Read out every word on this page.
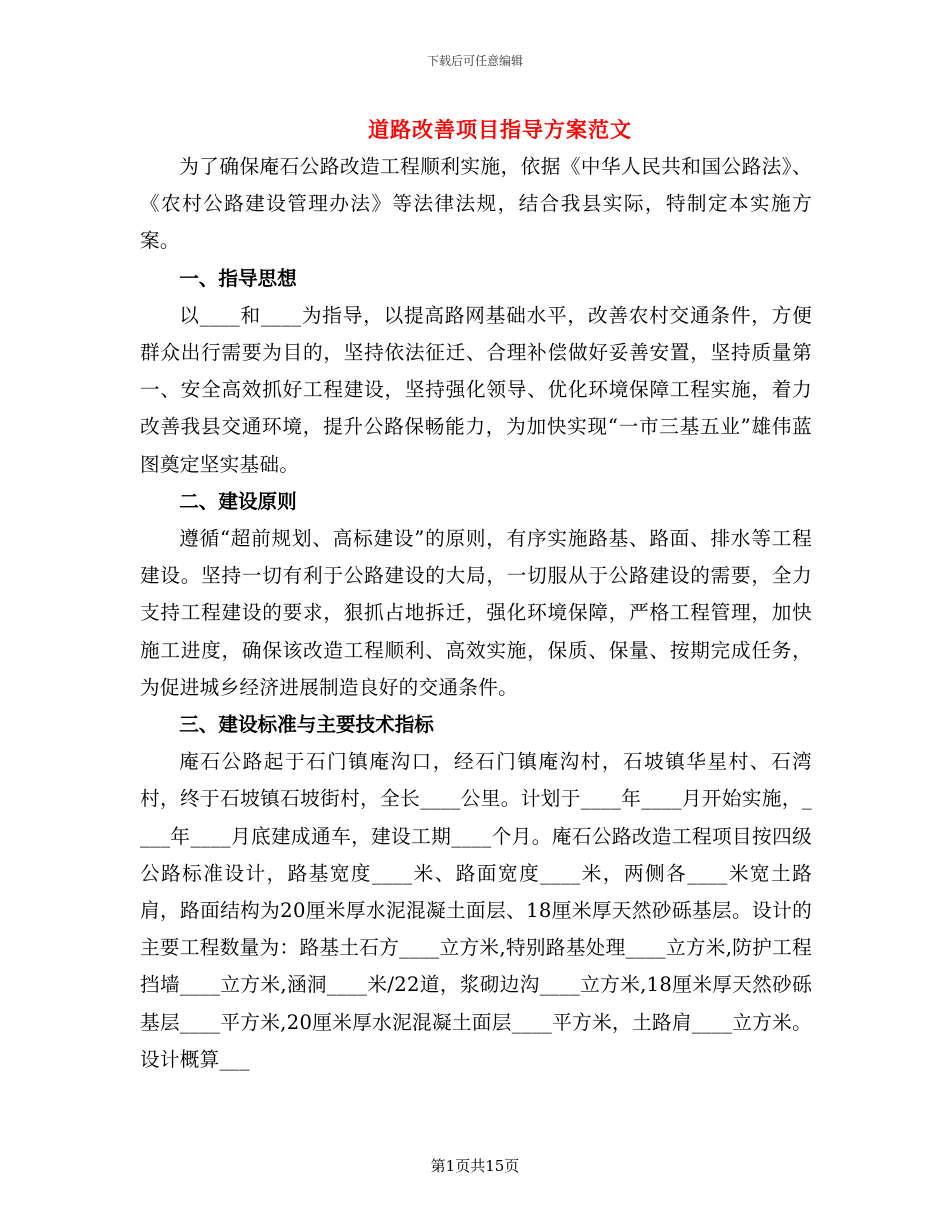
下载后可任意编辑
道路改善项目指导方案范文

为了确保庵石公路改造工程顺利实施，依据《中华人民共和国公路法》、《农村公路建设管理办法》等法律法规，结合我县实际，特制定本实施方案。

一、指导思想

以____和____为指导，以提高路网基础水平，改善农村交通条件，方便群众出行需要为目的，坚持依法征迁、合理补偿做好妥善安置，坚持质量第一、安全高效抓好工程建设，坚持强化领导、优化环境保障工程实施，着力改善我县交通环境，提升公路保畅能力，为加快实现“一市三基五业”雄伟蓝图奠定坚实基础。

二、建设原则

遵循“超前规划、高标建设”的原则，有序实施路基、路面、排水等工程建设。坚持一切有利于公路建设的大局，一切服从于公路建设的需要，全力支持工程建设的要求，狠抓占地拆迁，强化环境保障，严格工程管理，加快施工进度，确保该改造工程顺利、高效实施，保质、保量、按期完成任务，为促进城乡经济进展制造良好的交通条件。

三、建设标准与主要技术指标

庵石公路起于石门镇庵沟口，经石门镇庵沟村，石坡镇华星村、石湾村，终于石坡镇石坡街村，全长____公里。计划于____年____月开始实施，____年____月底建成通车，建设工期____个月。庵石公路改造工程项目按四级公路标准设计，路基宽度____米、路面宽度____米，两侧各____米宽土路肩，路面结构为20厘米厚水泥混凝土面层、18厘米厚天然砂砾基层。设计的主要工程数量为：路基土石方____立方米,特别路基处理____立方米,防护工程挡墙____立方米,涵洞____米/22道，浆砌边沟____立方米,18厘米厚天然砂砾基层____平方米,20厘米厚水泥混凝土面层____平方米，土路肩____立方米。设计概算___

第1页共15页
